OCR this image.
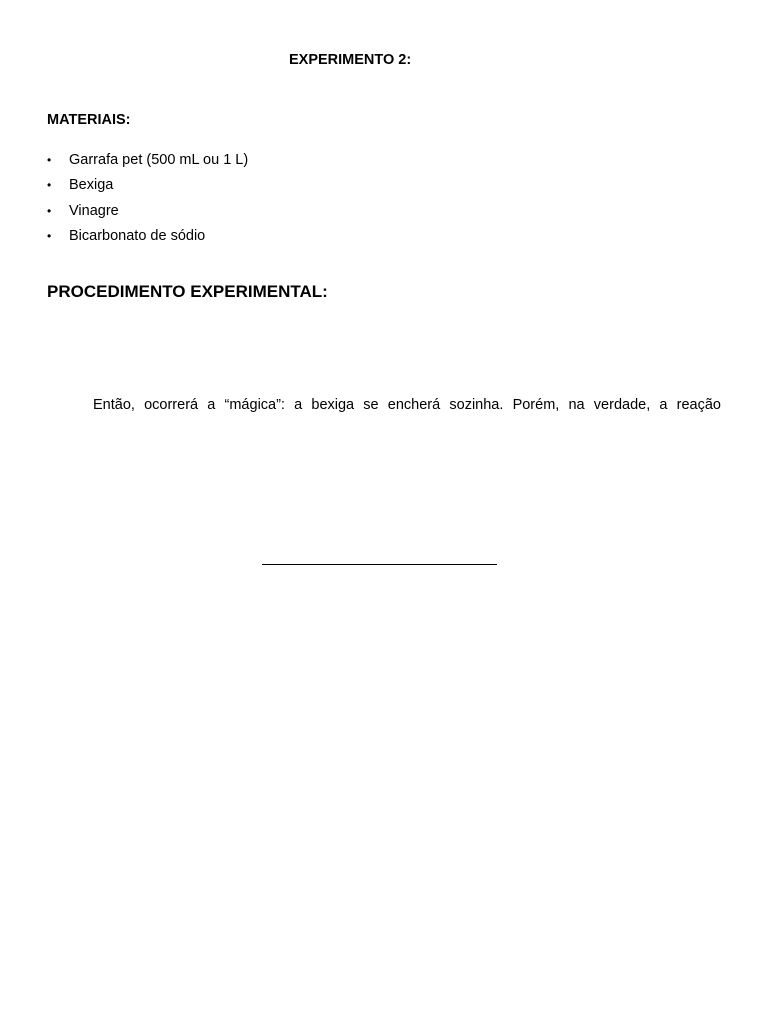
EXPERIMENTO 2:
MATERIAIS:
• Garrafa pet (500 mL ou 1 L)
• Bexiga
• Vinagre
• Bicarbonato de sódio
PROCEDIMENTO EXPERIMENTAL:
Então, ocorrerá a “mágica”: a bexiga se encherá sozinha. Porém, na verdade, a reação
